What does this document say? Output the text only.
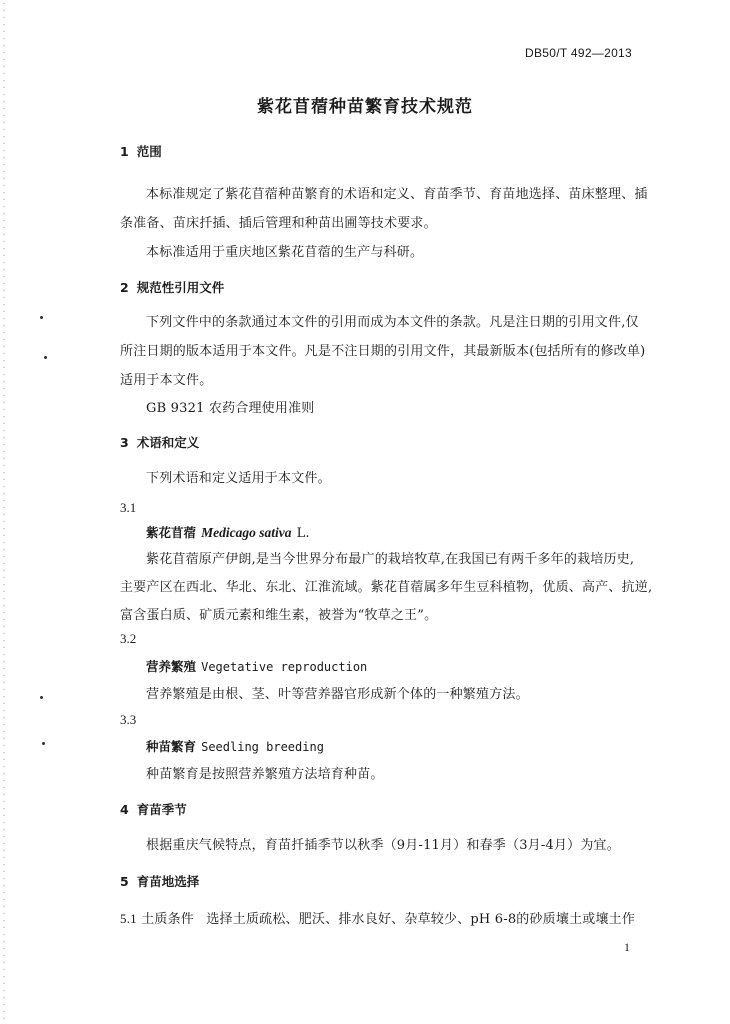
DB50/T 492—2013
紫花苜蓿种苗繁育技术规范
1 范围
本标准规定了紫花苜蓿种苗繁育的术语和定义、育苗季节、育苗地选择、苗床整理、插
条准备、苗床扦插、插后管理和种苗出圃等技术要求。
本标准适用于重庆地区紫花苜蓿的生产与科研。
2 规范性引用文件
下列文件中的条款通过本文件的引用而成为本文件的条款。凡是注日期的引用文件,仅
所注日期的版本适用于本文件。凡是不注日期的引用文件，其最新版本(包括所有的修改单)
适用于本文件。
GB 9321 农药合理使用准则
3 术语和定义
下列术语和定义适用于本文件。
3.1
紫花苜蓿 Medicago sativa L.
紫花苜蓿原产伊朗,是当今世界分布最广的栽培牧草,在我国已有两千多年的栽培历史,
主要产区在西北、华北、东北、江淮流域。紫花苜蓿属多年生豆科植物，优质、高产、抗逆,
富含蛋白质、矿质元素和维生素，被誉为“牧草之王”。
3.2
营养繁殖 Vegetative reproduction
营养繁殖是由根、茎、叶等营养器官形成新个体的一种繁殖方法。
3.3
种苗繁育 Seedling breeding
种苗繁育是按照营养繁殖方法培育种苗。
4 育苗季节
根据重庆气候特点，育苗扦插季节以秋季（9月-11月）和春季（3月-4月）为宜。
5 育苗地选择
5.1 土质条件 选择土质疏松、肥沃、排水良好、杂草较少、pH 6-8的砂质壤土或壤土作
1
